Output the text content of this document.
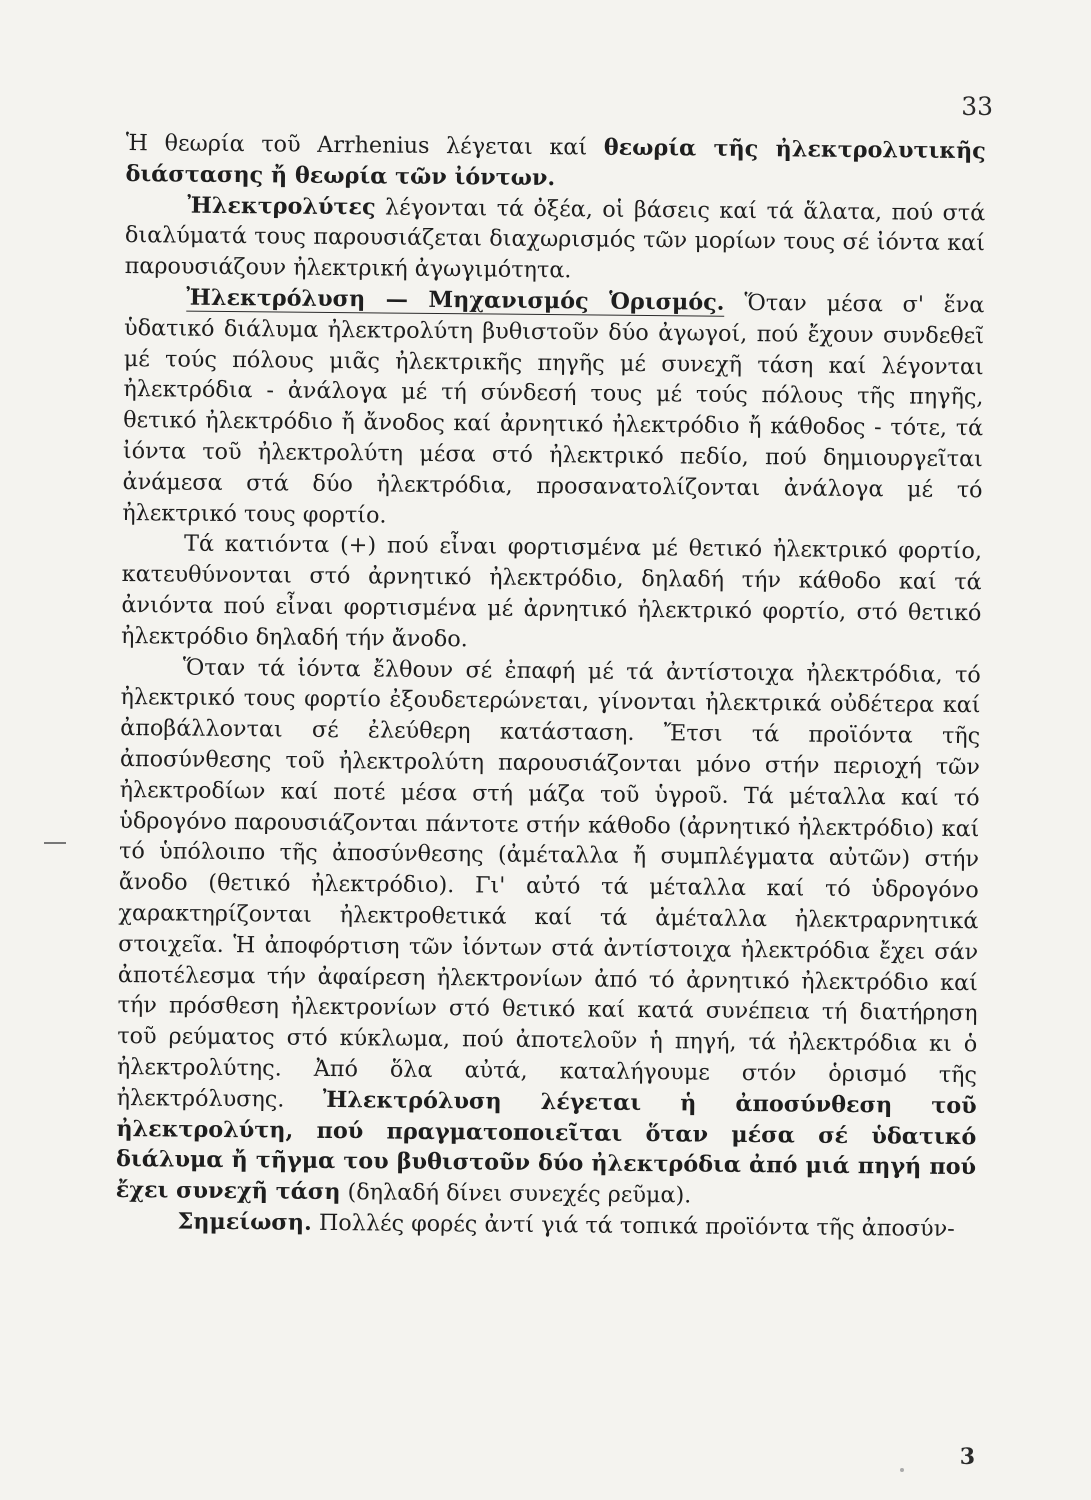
33

Ἡ θεωρία τοῦ Arrhenius λέγεται καί θεωρία τῆς ἠλεκτρολυτικῆς διάστασης ἤ θεωρία τῶν ἰόντων.

Ἠλεκτρολύτες λέγονται τά ὀξέα, οἱ βάσεις καί τά ἅλατα, πού στά διαλύματά τους παρουσιάζεται διαχωρισμός τῶν μορίων τους σέ ἰόντα καί παρουσιάζουν ἠλεκτρική ἀγωγιμότητα.

Ἠλεκτρόλυση — Μηχανισμός Ὁρισμός. Ὅταν μέσα σ' ἕνα ὑδατικό διάλυμα ἠλεκτρολύτη βυθιστοῦν δύο ἀγωγοί, πού ἔχουν συνδεθεῖ μέ τούς πόλους μιᾶς ἠλεκτρικῆς πηγῆς μέ συνεχῆ τάση καί λέγονται ἠλεκτρόδια - ἀνάλογα μέ τή σύνδεσή τους μέ τούς πόλους τῆς πηγῆς, θετικό ἠλεκτρόδιο ἤ ἄνοδος καί ἀρνητικό ἠλεκτρόδιο ἤ κάθοδος - τότε, τά ἰόντα τοῦ ἠλεκτρολύτη μέσα στό ἠλεκτρικό πεδίο, πού δημιουργεῖται ἀνάμεσα στά δύο ἠλεκτρόδια, προσανατολίζονται ἀνάλογα μέ τό ἠλεκτρικό τους φορτίο.

Τά κατιόντα (+) πού εἶναι φορτισμένα μέ θετικό ἠλεκτρικό φορτίο, κατευθύνονται στό ἀρνητικό ἠλεκτρόδιο, δηλαδή τήν κάθοδο καί τά ἀνιόντα πού εἶναι φορτισμένα μέ ἀρνητικό ἠλεκτρικό φορτίο, στό θετικό ἠλεκτρόδιο δηλαδή τήν ἄνοδο.

Ὅταν τά ἰόντα ἔλθουν σέ ἐπαφή μέ τά ἀντίστοιχα ἠλεκτρόδια, τό ἠλεκτρικό τους φορτίο ἐξουδετερώνεται, γίνονται ἠλεκτρικά οὐδέτερα καί ἀποβάλλονται σέ ἐλεύθερη κατάσταση. Ἔτσι τά προϊόντα τῆς ἀποσύνθεσης τοῦ ἠλεκτρολύτη παρουσιάζονται μόνο στήν περιοχή τῶν ἠλεκτροδίων καί ποτέ μέσα στή μάζα τοῦ ὑγροῦ. Τά μέταλλα καί τό ὑδρογόνο παρουσιάζονται πάντοτε στήν κάθοδο (ἀρνητικό ἠλεκτρόδιο) καί τό ὑπόλοιπο τῆς ἀποσύνθεσης (ἀμέταλλα ἤ συμπλέγματα αὐτῶν) στήν ἄνοδο (θετικό ἠλεκτρόδιο). Γι' αὐτό τά μέταλλα καί τό ὑδρογόνο χαρακτηρίζονται ἠλεκτροθετικά καί τά ἀμέταλλα ἠλεκτραρνητικά στοιχεῖα. Ἡ ἀποφόρτιση τῶν ἰόντων στά ἀντίστοιχα ἠλεκτρόδια ἔχει σάν ἀποτέλεσμα τήν ἀφαίρεση ἠλεκτρονίων ἀπό τό ἀρνητικό ἠλεκτρόδιο καί τήν πρόσθεση ἠλεκτρονίων στό θετικό καί κατά συνέπεια τή διατήρηση τοῦ ρεύματος στό κύκλωμα, πού ἀποτελοῦν ἡ πηγή, τά ἠλεκτρόδια κι ὁ ἠλεκτρολύτης. Ἀπό ὅλα αὐτά, καταλήγουμε στόν ὁρισμό τῆς ἠλεκτρόλυσης. Ἠλεκτρόλυση λέγεται ἡ ἀποσύνθεση τοῦ ἠλεκτρολύτη, πού πραγματοποιεῖται ὅταν μέσα σέ ὑδατικό διάλυμα ἤ τῆγμα του βυθιστοῦν δύο ἠλεκτρόδια ἀπό μιά πηγή πού ἔχει συνεχῆ τάση (δηλαδή δίνει συνεχές ρεῦμα).

Σημείωση. Πολλές φορές ἀντί γιά τά τοπικά προϊόντα τῆς ἀποσύν-

3
